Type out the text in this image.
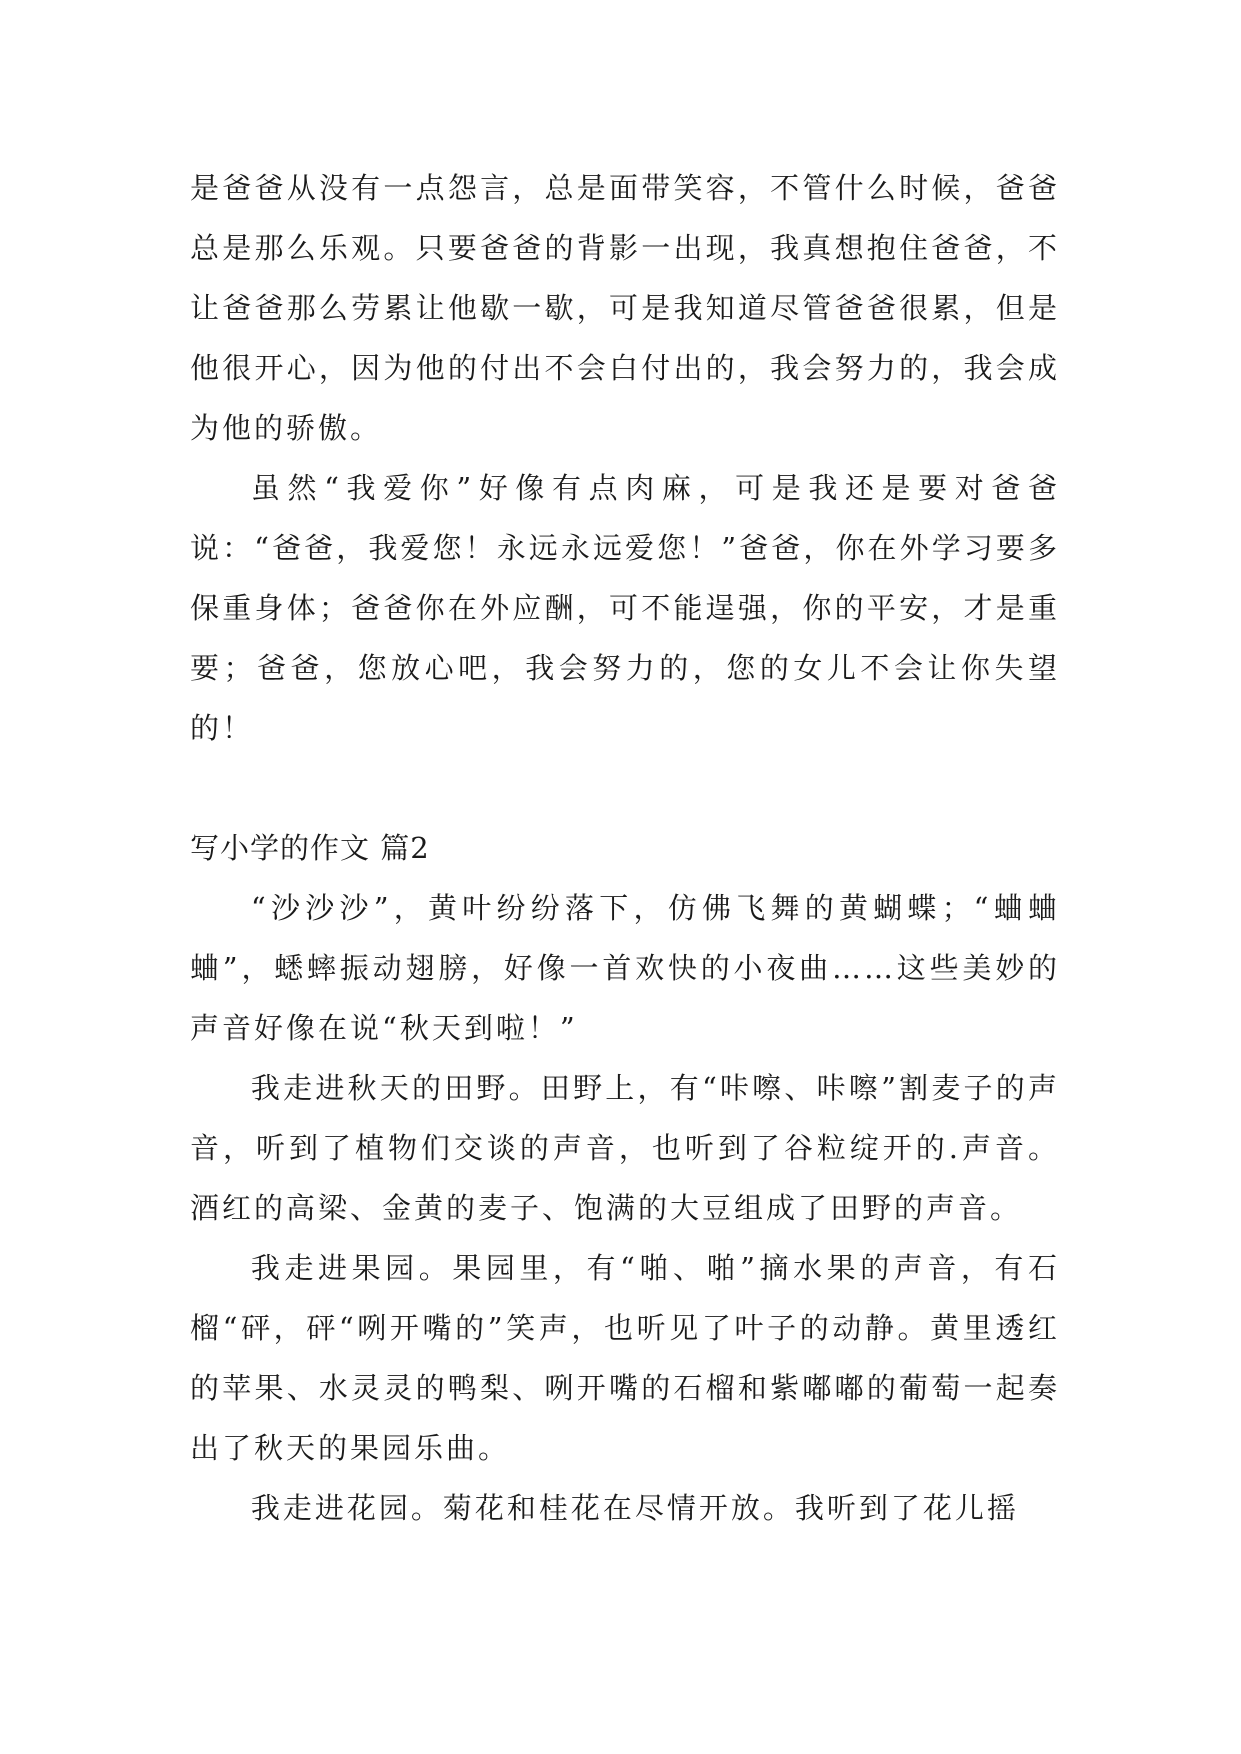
是爸爸从没有一点怨言，总是面带笑容，不管什么时候，爸爸总是那么乐观。只要爸爸的背影一出现，我真想抱住爸爸，不让爸爸那么劳累让他歇一歇，可是我知道尽管爸爸很累，但是他很开心，因为他的付出不会白付出的，我会努力的，我会成为他的骄傲。

虽然“我爱你”好像有点肉麻，可是我还是要对爸爸说：“爸爸，我爱您！永远永远爱您！”爸爸，你在外学习要多保重身体；爸爸你在外应酬，可不能逞强，你的平安，才是重要；爸爸，您放心吧，我会努力的，您的女儿不会让你失望的！

写小学的作文 篇2

“沙沙沙”，黄叶纷纷落下，仿佛飞舞的黄蝴蝶；“蛐蛐蛐”，蟋蟀振动翅膀，好像一首欢快的小夜曲……这些美妙的声音好像在说“秋天到啦！”

我走进秋天的田野。田野上，有“咔嚓、咔嚓”割麦子的声音，听到了植物们交谈的声音，也听到了谷粒绽开的.声音。酒红的高梁、金黄的麦子、饱满的大豆组成了田野的声音。

我走进果园。果园里，有“啪、啪”摘水果的声音，有石榴“砰，砰“咧开嘴的”笑声，也听见了叶子的动静。黄里透红的苹果、水灵灵的鸭梨、咧开嘴的石榴和紫嘟嘟的葡萄一起奏出了秋天的果园乐曲。

我走进花园。菊花和桂花在尽情开放。我听到了花儿摇
